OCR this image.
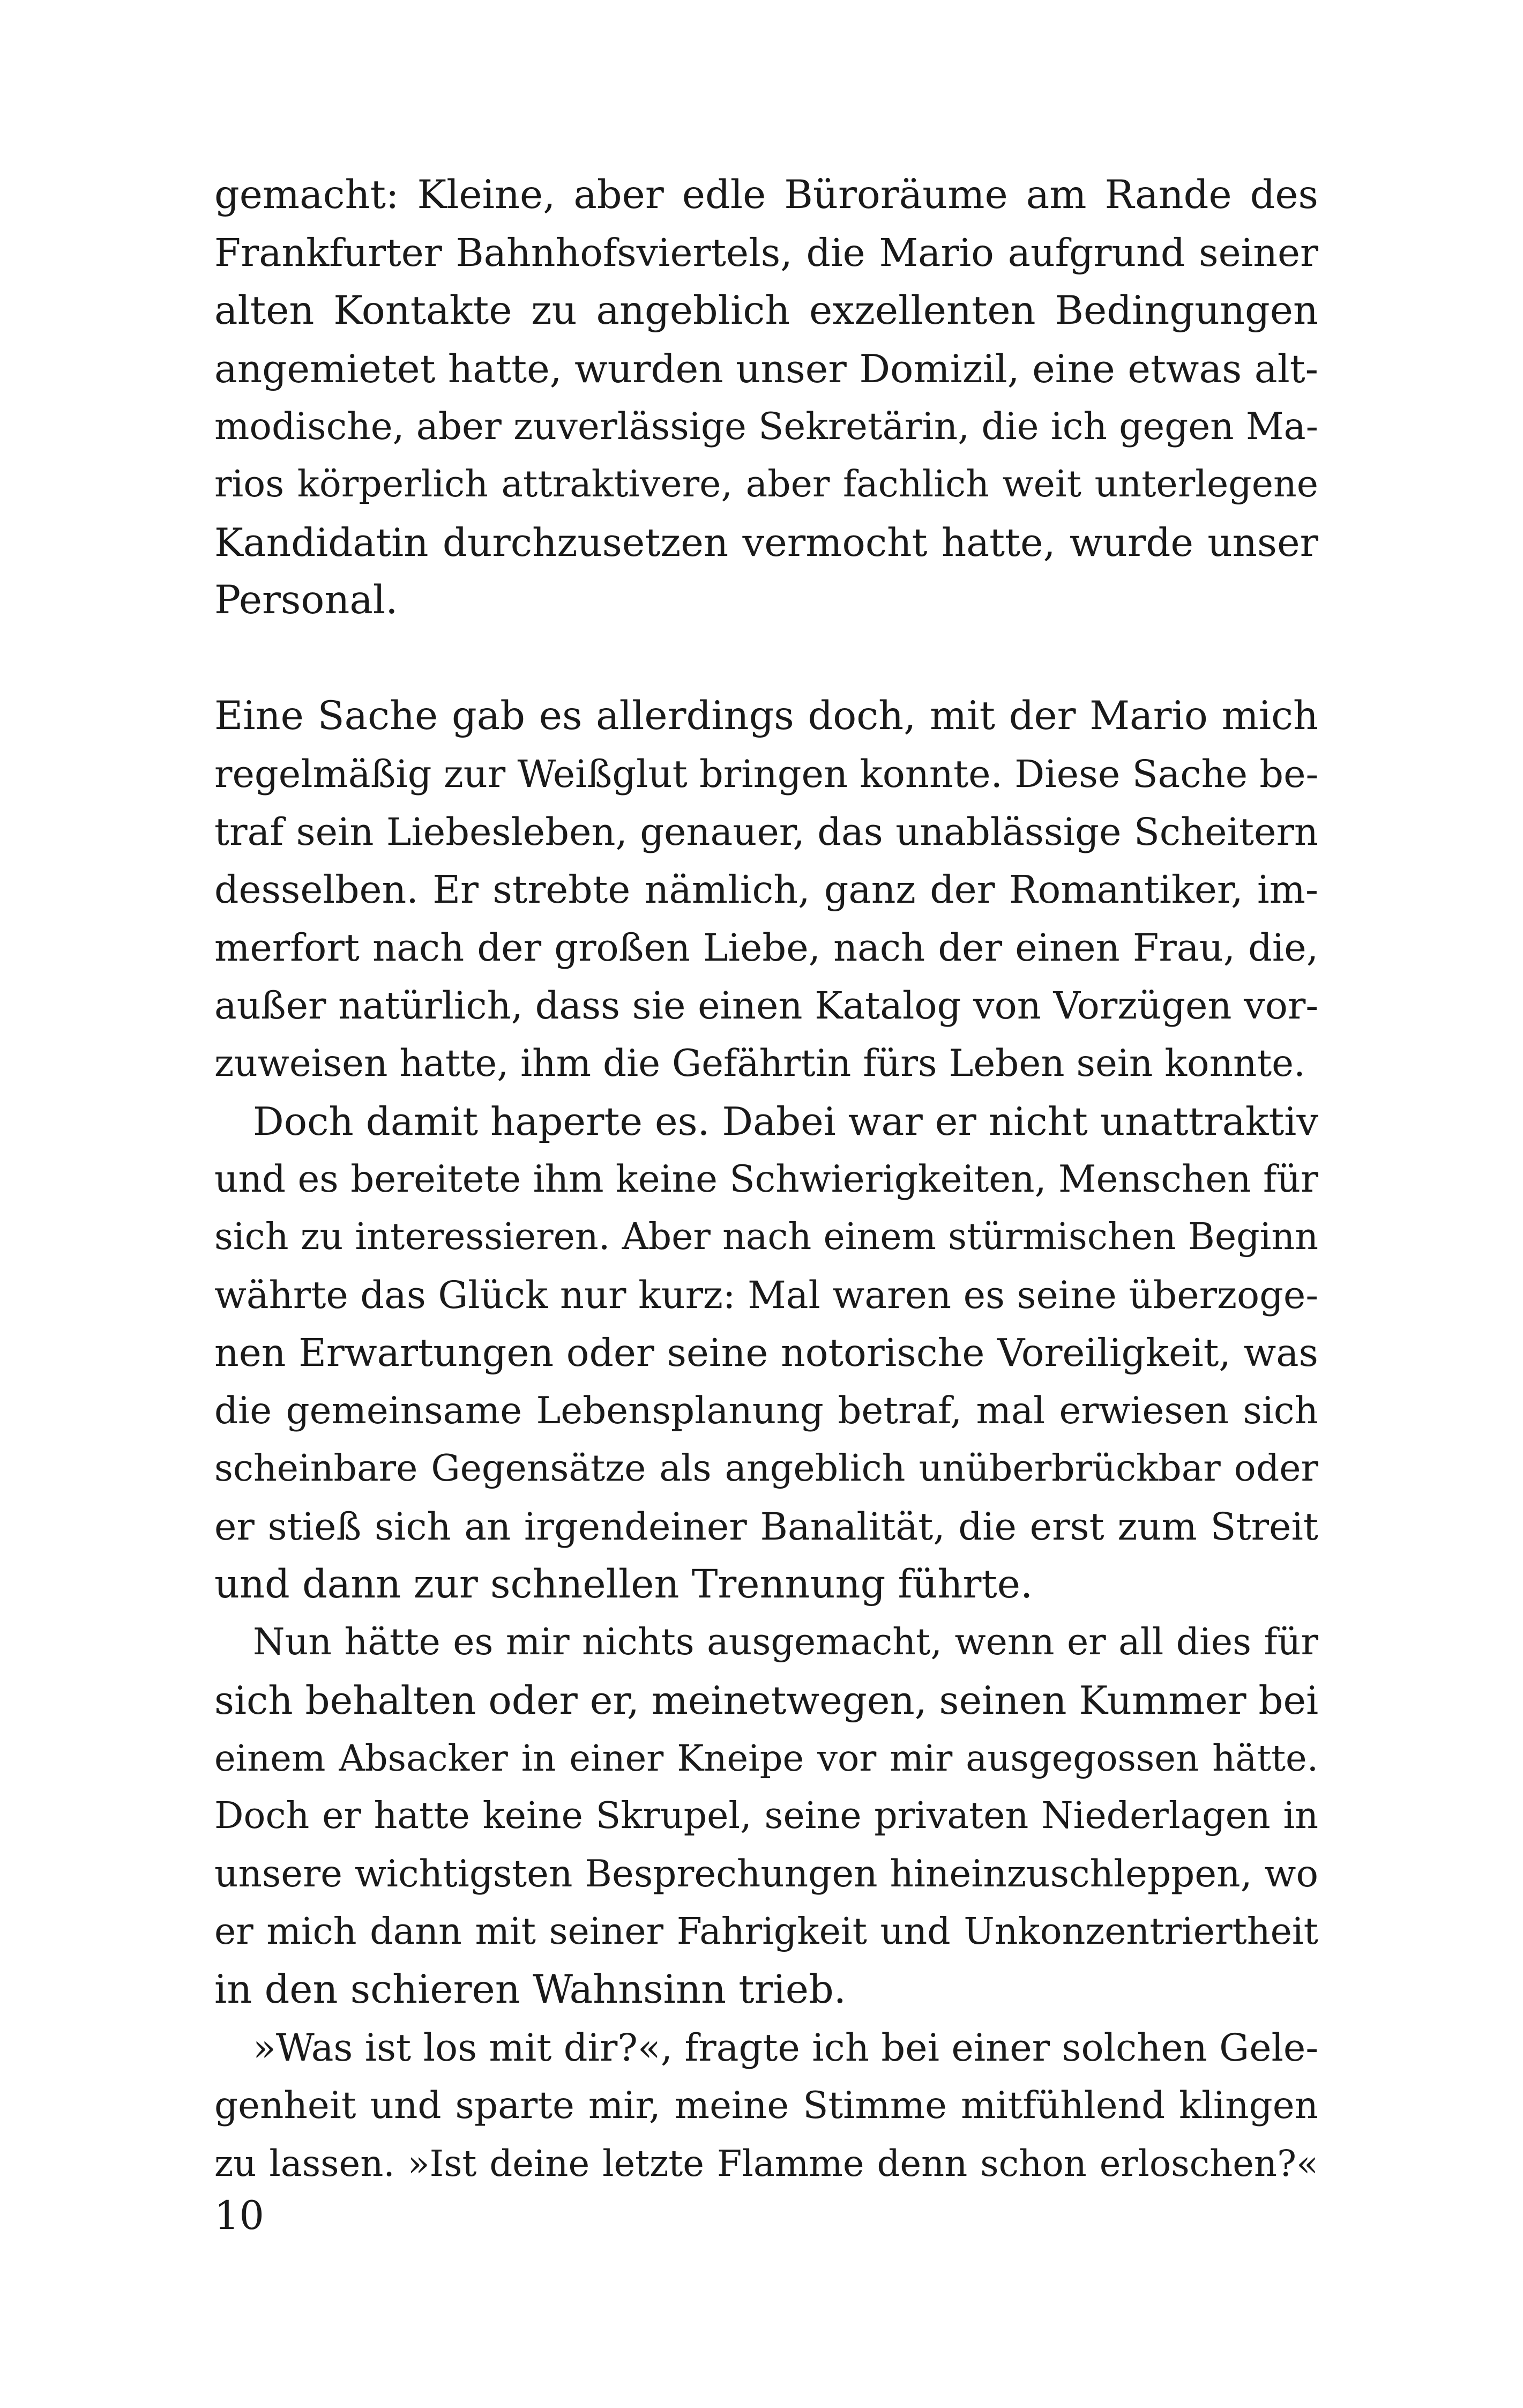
gemacht: Kleine, aber edle Büroräume am Rande des
Frankfurter Bahnhofsviertels, die Mario aufgrund seiner
alten Kontakte zu angeblich exzellenten Bedingungen
angemietet hatte, wurden unser Domizil, eine etwas alt-
modische, aber zuverlässige Sekretärin, die ich gegen Ma-
rios körperlich attraktivere, aber fachlich weit unterlegene
Kandidatin durchzusetzen vermocht hatte, wurde unser
Personal.
Eine Sache gab es allerdings doch, mit der Mario mich
regelmäßig zur Weißglut bringen konnte. Diese Sache be-
traf sein Liebesleben, genauer, das unablässige Scheitern
desselben. Er strebte nämlich, ganz der Romantiker, im-
merfort nach der großen Liebe, nach der einen Frau, die,
außer natürlich, dass sie einen Katalog von Vorzügen vor-
zuweisen hatte, ihm die Gefährtin fürs Leben sein konnte.
Doch damit haperte es. Dabei war er nicht unattraktiv
und es bereitete ihm keine Schwierigkeiten, Menschen für
sich zu interessieren. Aber nach einem stürmischen Beginn
währte das Glück nur kurz: Mal waren es seine überzoge-
nen Erwartungen oder seine notorische Voreiligkeit, was
die gemeinsame Lebensplanung betraf, mal erwiesen sich
scheinbare Gegensätze als angeblich unüberbrückbar oder
er stieß sich an irgendeiner Banalität, die erst zum Streit
und dann zur schnellen Trennung führte.
Nun hätte es mir nichts ausgemacht, wenn er all dies für
sich behalten oder er, meinetwegen, seinen Kummer bei
einem Absacker in einer Kneipe vor mir ausgegossen hätte.
Doch er hatte keine Skrupel, seine privaten Niederlagen in
unsere wichtigsten Besprechungen hineinzuschleppen, wo
er mich dann mit seiner Fahrigkeit und Unkonzentriertheit
in den schieren Wahnsinn trieb.
»Was ist los mit dir?«, fragte ich bei einer solchen Gele-
genheit und sparte mir, meine Stimme mitfühlend klingen
zu lassen. »Ist deine letzte Flamme denn schon erloschen?«
10
